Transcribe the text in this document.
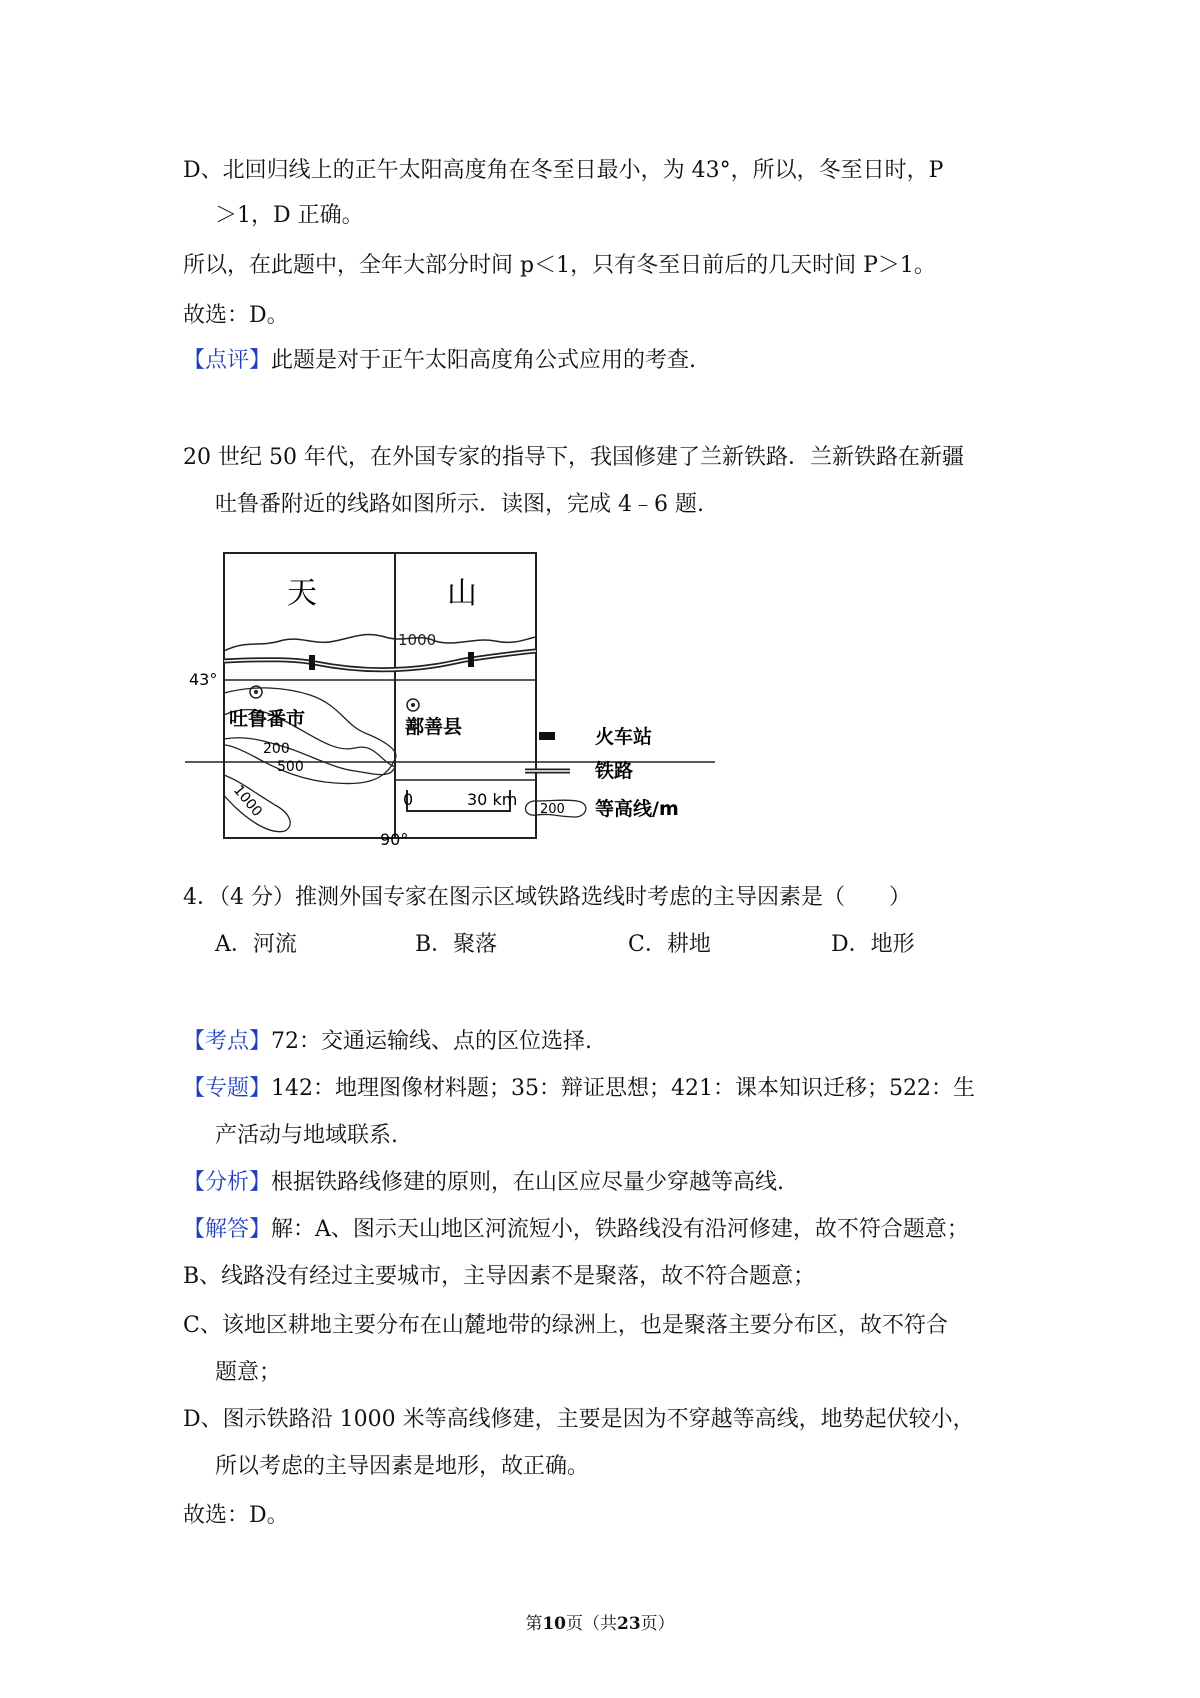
D、北回归线上的正午太阳高度角在冬至日最小，为 43°，所以，冬至日时，P
＞1，D 正确。
所以，在此题中，全年大部分时间 p＜1，只有冬至日前后的几天时间 P＞1。
故选：D。
【点评】此题是对于正午太阳高度角公式应用的考查.
20 世纪 50 年代，在外国专家的指导下，我国修建了兰新铁路．兰新铁路在新疆
吐鲁番附近的线路如图所示．读图，完成 4﹣6 题.
天	山
1000
43°
吐鲁番市	鄯善县
200
500
1000
90°
0	30 km
火车站
铁路
200 等高线/m
4．（4 分）推测外国专家在图示区域铁路选线时考虑的主导因素是（　　）
A．河流	B．聚落	C．耕地	D．地形
【考点】72：交通运输线、点的区位选择.
【专题】142：地理图像材料题；35：辩证思想；421：课本知识迁移；522：生
产活动与地域联系.
【分析】根据铁路线修建的原则，在山区应尽量少穿越等高线.
【解答】解：A、图示天山地区河流短小，铁路线没有沿河修建，故不符合题意；
B、线路没有经过主要城市，主导因素不是聚落，故不符合题意；
C、该地区耕地主要分布在山麓地带的绿洲上，也是聚落主要分布区，故不符合
题意；
D、图示铁路沿 1000 米等高线修建，主要是因为不穿越等高线，地势起伏较小，
所以考虑的主导因素是地形，故正确。
故选：D。
第10页（共23页）
